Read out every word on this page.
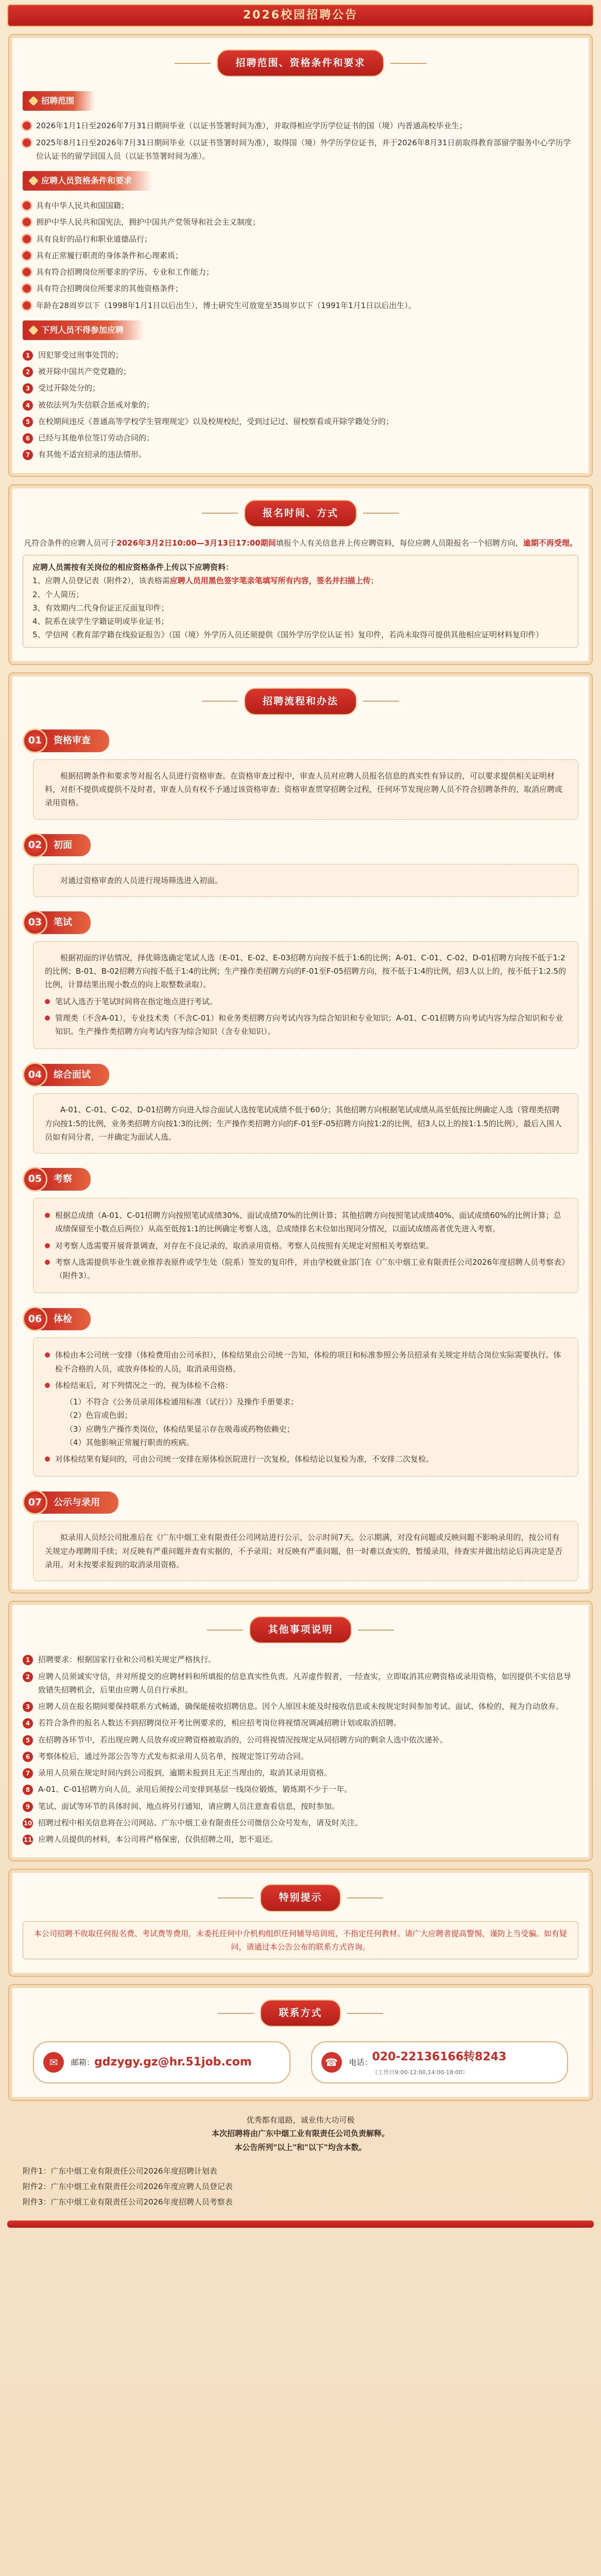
2026校园招聘公告
招聘范围、资格条件和要求
招聘范围
2026年1月1日至2026年7月31日期间毕业（以证书签署时间为准），并取得相应学历学位证书的国（境）内普通高校毕业生；
2025年8月1日至2026年7月31日期间毕业（以证书签署时间为准），取得国（境）外学历学位证书，并于2026年8月31日前取得教育部留学服务中心学历学位认证书的留学回国人员（以证书签署时间为准）。
应聘人员资格条件和要求
具有中华人民共和国国籍；
拥护中华人民共和国宪法，拥护中国共产党领导和社会主义制度；
具有良好的品行和职业道德品行；
具有正常履行职责的身体条件和心理素质；
具有符合招聘岗位所要求的学历、专业和工作能力；
具有符合招聘岗位所要求的其他资格条件；
年龄在28周岁以下（1998年1月1日以后出生），博士研究生可放宽至35周岁以下（1991年1月1日以后出生）。
下列人员不得参加应聘
1	因犯罪受过刑事处罚的；
2	被开除中国共产党党籍的；
3	受过开除处分的；
4	被依法列为失信联合惩戒对象的；
5	在校期间违反《普通高等学校学生管理规定》以及校规校纪，受到过记过、留校察看或开除学籍处分的；
6	已经与其他单位签订劳动合同的；
7	有其他不适宜招录的违法情形。
报名时间、方式

凡符合条件的应聘人员可于2026年3月2日10:00—3月13日17:00期间填报个人有关信息并上传应聘资料，每位应聘人员限报名一个招聘方向，逾期不再受理。

应聘人员需按有关岗位的相应资格条件上传以下应聘资料：
1、应聘人员登记表（附件2），该表格需应聘人员用黑色签字笔亲笔填写所有内容，签名并扫描上传；
2、个人简历；
3、有效期内二代身份证正反面复印件；
4、院系在读学生学籍证明或毕业证书；
5、学信网《教育部学籍在线验证报告》（国（境）外学历人员还须提供《国外学历学位认证书》复印件，若尚未取得可提供其他相应证明材料复印件）
招聘流程和办法
01	资格审查

根据招聘条件和要求等对报名人员进行资格审查。在资格审查过程中，审查人员对应聘人员报名信息的真实性有异议的，可以要求提供相关证明材料，对拒不提供或提供不及时者，审查人员有权不予通过该资格审查；资格审查贯穿招聘全过程，任何环节发现应聘人员不符合招聘条件的，取消应聘或录用资格。

02	初面

对通过资格审查的人员进行现场筛选进入初面。

03	笔试

根据初面的评估情况，择优筛选确定笔试人选（E-01、E-02、E-03招聘方向按不低于1:6的比例；A-01、C-01、C-02、D-01招聘方向按不低于1:2的比例；B-01、B-02招聘方向按不低于1:4的比例；生产操作类招聘方向的F-01至F-05招聘方向，按不低于1:4的比例，招3人以上的，按不低于1:2.5的比例，计算结果出现小数点的向上取整数录取）。

笔试入选否于笔试时间将在指定地点进行考试。
管理类（不含A-01），专业技术类（不含C-01）和业务类招聘方向考试内容为综合知识和专业知识；A-01、C-01招聘方向考试内容为综合知识和专业知识。生产操作类招聘方向考试内容为综合知识（含专业知识）。
04	综合面试

A-01、C-01、C-02、D-01招聘方向进入综合面试人选按笔试成绩不低于60分；其他招聘方向根据笔试成绩从高至低按比例确定人选（管理类招聘方向按1:5的比例，业务类招聘方向按1:3的比例；生产操作类招聘方向的F-01至F-05招聘方向按1:2的比例，招3人以上的按1:1.5的比例），最后入围人员如有同分者，一并确定为面试人选。

05	考察
根据总成绩（A-01、C-01招聘方向按照笔试成绩30%、面试成绩70%的比例计算；其他招聘方向按照笔试成绩40%、面试成绩60%的比例计算；总成绩保留至小数点后两位）从高至低按1:1的比例确定考察人选，总成绩排名末位如出现同分情况，以面试成绩高者优先进入考察。
对考察人选需要开展背景调查，对存在不良记录的，取消录用资格。考察人员按照有关规定对照相关考察结果。
考察人选需提供毕业生就业推荐表原件或学生处（院系）签发的复印件，并由学校就业部门在《广东中烟工业有限责任公司2026年度招聘人员考察表》（附件3）。
06	体检
体检由本公司统一安排（体检费用由公司承担），体检结果由公司统一告知，体检的项目和标准参照公务员招录有关规定并结合岗位实际需要执行。体检不合格的人员，或放弃体检的人员，取消录用资格。
体检结束后，对下列情况之一的，视为体检不合格：
（1）不符合《公务员录用体检通用标准（试行）》及操作手册要求；
（2）色盲或色弱；
（3）应聘生产操作类岗位，体检结果显示存在吸毒或药物依赖史；
（4）其他影响正常履行职责的疾病。
对体检结果有疑问的，可由公司统一安排在原体检医院进行一次复检，体检结论以复检为准，不安排二次复检。
07	公示与录用

拟录用人员经公司批准后在《广东中烟工业有限责任公司网站进行公示，公示时间7天。公示期满，对没有问题或反映问题不影响录用的，按公司有关规定办理聘用手续；对反映有严重问题并查有实据的，不予录用；对反映有严重问题，但一时难以查实的，暂缓录用，待查实并做出结论后再决定是否录用。对未按要求报到的取消录用资格。

其他事项说明
1	招聘要求：根据国家行业和公司相关规定严格执行。
2	应聘人员须诚实守信，并对所提交的应聘材料和所填报的信息真实性负责。凡弄虚作假者，一经查实，立即取消其应聘资格或录用资格，如因提供不实信息导致错失招聘机会，后果由应聘人员自行承担。
3	应聘人员在报名期间要保持联系方式畅通，确保能接收招聘信息。因个人原因未能及时接收信息或未按规定时间参加考试、面试、体检的，视为自动放弃。
4	若符合条件的报名人数达不到招聘岗位开考比例要求的，相应招考岗位将视情况调减招聘计划或取消招聘。
5	在招聘各环节中，若出现应聘人员放弃或应聘资格被取消的，公司将视情况按规定从同招聘方向的剩余人选中依次递补。
6	考察体检后，通过外部公告等方式发布拟录用人员名单，按规定签订劳动合同。
7	录用人员须在规定时间内到公司报到，逾期未报到且无正当理由的，取消其录用资格。
8	A-01、C-01招聘方向人员，录用后须按公司安排到基层一线岗位锻炼，锻炼期不少于一年。
9	笔试、面试等环节的具体时间、地点将另行通知，请应聘人员注意查看信息，按时参加。
10 招聘过程中相关信息将在公司网站、广东中烟工业有限责任公司微信公众号发布，请及时关注。
11 应聘人员提供的材料，本公司将严格保密，仅供招聘之用，恕不退还。
特别提示
本公司招聘不收取任何报名费、考试费等费用，未委托任何中介机构组织任何辅导培训班，不指定任何教材。请广大应聘者提高警惕，谨防上当受骗。如有疑问，请通过本公告公布的联系方式咨询。
联系方式
✉	邮箱： gdzygy.gz@hr.51job.com	☎	电话： 020-22136166转8243
（工作日9:00-12:00,14:00-18:00）
优秀都有道路，诚业伟大功可极
本次招聘将由广东中烟工业有限责任公司负责解释。
本公告所列"以上"和"以下"均含本数。
附件1：广东中烟工业有限责任公司2026年度招聘计划表
附件2：广东中烟工业有限责任公司2026年度应聘人员登记表
附件3：广东中烟工业有限责任公司2026年度招聘人员考察表
